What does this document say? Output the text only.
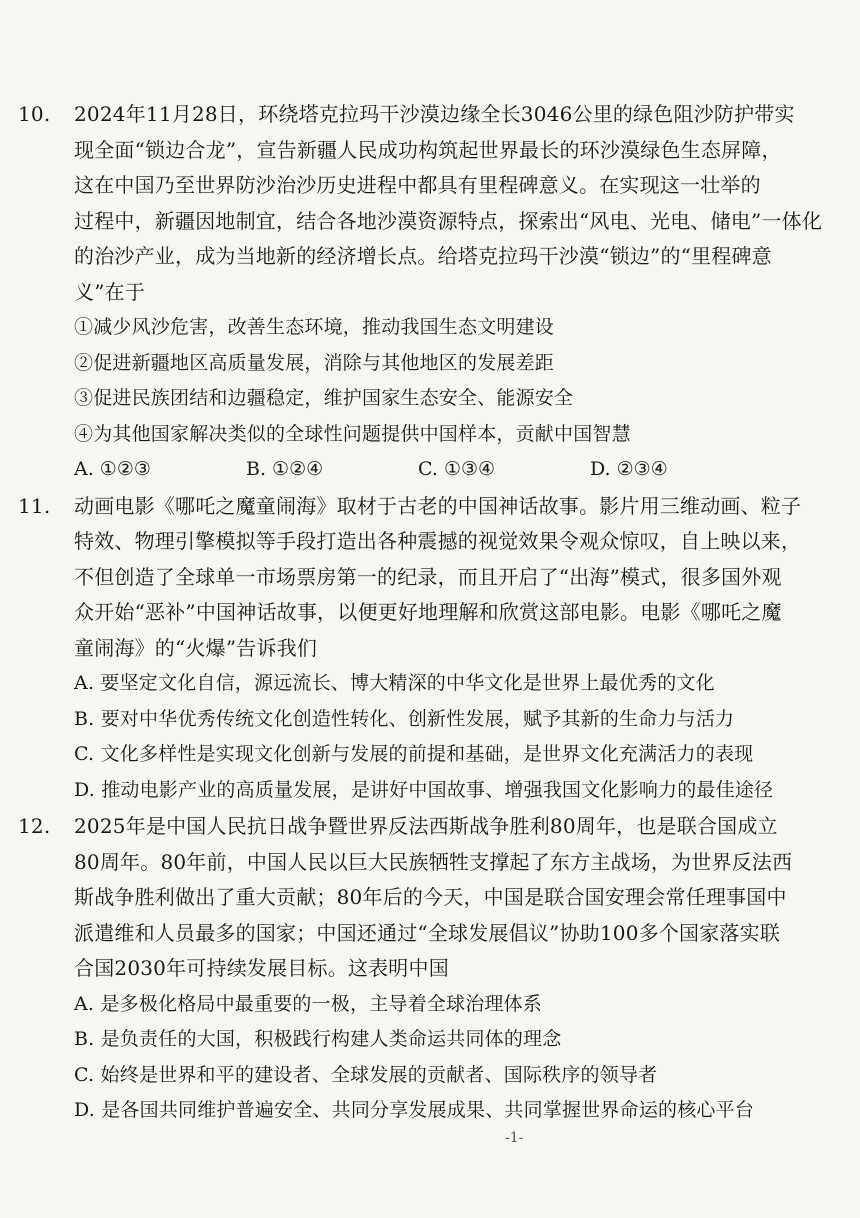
10. 2024年11月28日，环绕塔克拉玛干沙漠边缘全长3046公里的绿色阻沙防护带实
现全面“锁边合龙”，宣告新疆人民成功构筑起世界最长的环沙漠绿色生态屏障，
这在中国乃至世界防沙治沙历史进程中都具有里程碑意义。在实现这一壮举的
过程中，新疆因地制宜，结合各地沙漠资源特点，探索出“风电、光电、储电”一体化
的治沙产业，成为当地新的经济增长点。给塔克拉玛干沙漠“锁边”的“里程碑意
义”在于
①减少风沙危害，改善生态环境，推动我国生态文明建设
②促进新疆地区高质量发展，消除与其他地区的发展差距
③促进民族团结和边疆稳定，维护国家生态安全、能源安全
④为其他国家解决类似的全球性问题提供中国样本，贡献中国智慧
A. ①②③	B. ①②④	C. ①③④	D. ②③④
11. 动画电影《哪吒之魔童闹海》取材于古老的中国神话故事。影片用三维动画、粒子
特效、物理引擎模拟等手段打造出各种震撼的视觉效果令观众惊叹，自上映以来，
不但创造了全球单一市场票房第一的纪录，而且开启了“出海”模式，很多国外观
众开始“恶补”中国神话故事，以便更好地理解和欣赏这部电影。电影《哪吒之魔
童闹海》的“火爆”告诉我们
A. 要坚定文化自信，源远流长、博大精深的中华文化是世界上最优秀的文化
B. 要对中华优秀传统文化创造性转化、创新性发展，赋予其新的生命力与活力
C. 文化多样性是实现文化创新与发展的前提和基础，是世界文化充满活力的表现
D. 推动电影产业的高质量发展，是讲好中国故事、增强我国文化影响力的最佳途径
12. 2025年是中国人民抗日战争暨世界反法西斯战争胜利80周年，也是联合国成立
80周年。80年前，中国人民以巨大民族牺牲支撑起了东方主战场，为世界反法西
斯战争胜利做出了重大贡献；80年后的今天，中国是联合国安理会常任理事国中
派遣维和人员最多的国家；中国还通过“全球发展倡议”协助100多个国家落实联
合国2030年可持续发展目标。这表明中国
A. 是多极化格局中最重要的一极，主导着全球治理体系
B. 是负责任的大国，积极践行构建人类命运共同体的理念
C. 始终是世界和平的建设者、全球发展的贡献者、国际秩序的领导者
D. 是各国共同维护普遍安全、共同分享发展成果、共同掌握世界命运的核心平台
-1-
